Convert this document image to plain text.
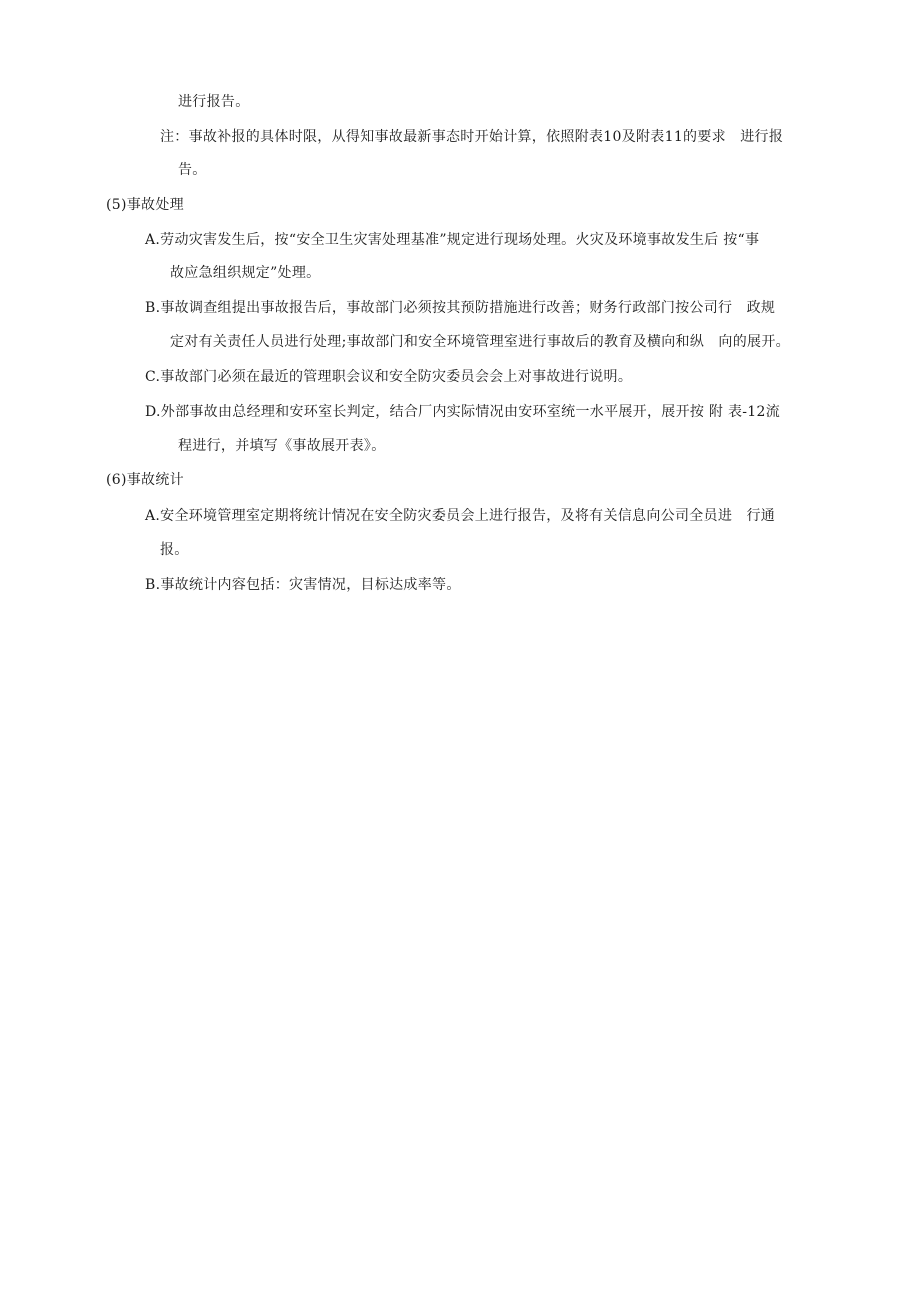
进行报告。
注：事故补报的具体时限，从得知事故最新事态时开始计算，依照附表10及附表11的要求　进行报
告。
(5)事故处理
A.劳动灾害发生后，按“安全卫生灾害处理基准”规定进行现场处理。火灾及环境事故发生后 按“事
故应急组织规定”处理。
B.事故调查组提出事故报告后，事故部门必须按其预防措施进行改善；财务行政部门按公司行　政规
定对有关责任人员进行处理;事故部门和安全环境管理室进行事故后的教育及横向和纵　向的展开。
C.事故部门必须在最近的管理职会议和安全防灾委员会会上对事故进行说明。
D.外部事故由总经理和安环室长判定，结合厂内实际情况由安环室统一水平展开，展开按 附 表-12流
程进行，并填写《事故展开表》。
(6)事故统计
A.安全环境管理室定期将统计情况在安全防灾委员会上进行报告，及将有关信息向公司全员进　行通
报。
B.事故统计内容包括：灾害情况，目标达成率等。
